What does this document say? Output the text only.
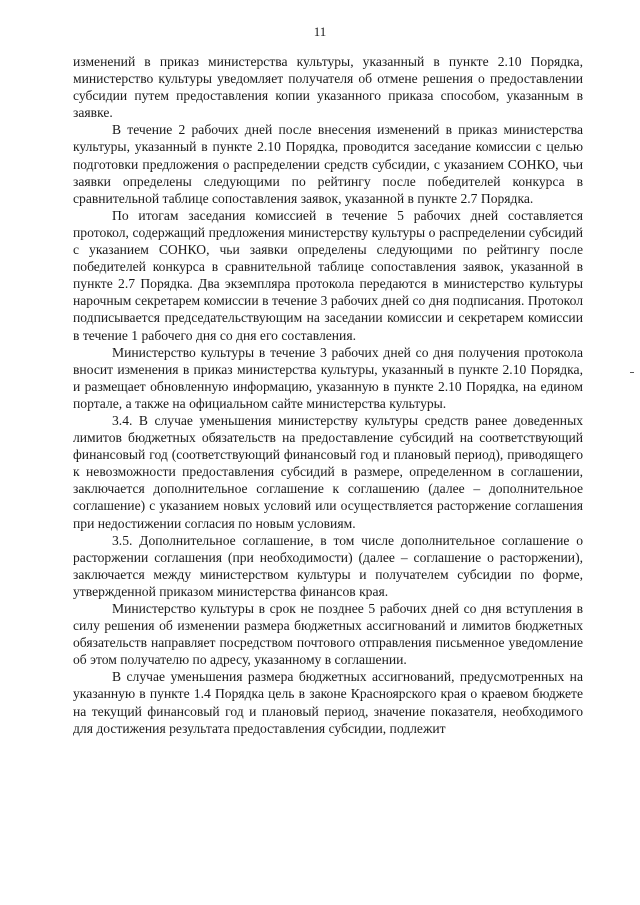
11

изменений в приказ министерства культуры, указанный в пункте 2.10 Порядка, министерство культуры уведомляет получателя об отмене решения о предоставлении субсидии путем предоставления копии указанного приказа способом, указанным в заявке.

В течение 2 рабочих дней после внесения изменений в приказ министерства культуры, указанный в пункте 2.10 Порядка, проводится заседание комиссии с целью подготовки предложения о распределении средств субсидии, с указанием СОНКО, чьи заявки определены следующими по рейтингу после победителей конкурса в сравнительной таблице сопоставления заявок, указанной в пункте 2.7 Порядка.

По итогам заседания комиссией в течение 5 рабочих дней составляется протокол, содержащий предложения министерству культуры о распределении субсидий с указанием СОНКО, чьи заявки определены следующими по рейтингу после победителей конкурса в сравнительной таблице сопоставления заявок, указанной в пункте 2.7 Порядка. Два экземпляра протокола передаются в министерство культуры нарочным секретарем комиссии в течение 3 рабочих дней со дня подписания. Протокол подписывается председательствующим на заседании комиссии и секретарем комиссии в течение 1 рабочего дня со дня его составления.

Министерство культуры в течение 3 рабочих дней со дня получения протокола вносит изменения в приказ министерства культуры, указанный в пункте 2.10 Порядка, и размещает обновленную информацию, указанную в пункте 2.10 Порядка, на едином портале, а также на официальном сайте министерства культуры.

3.4. В случае уменьшения министерству культуры средств ранее доведенных лимитов бюджетных обязательств на предоставление субсидий на соответствующий финансовый год (соответствующий финансовый год и плановый период), приводящего к невозможности предоставления субсидий в размере, определенном в соглашении, заключается дополнительное соглашение к соглашению (далее – дополнительное соглашение) с указанием новых условий или осуществляется расторжение соглашения при недостижении согласия по новым условиям.

3.5. Дополнительное соглашение, в том числе дополнительное соглашение о расторжении соглашения (при необходимости) (далее – соглашение о расторжении), заключается между министерством культуры и получателем субсидии по форме, утвержденной приказом министерства финансов края.

Министерство культуры в срок не позднее 5 рабочих дней со дня вступления в силу решения об изменении размера бюджетных ассигнований и лимитов бюджетных обязательств направляет посредством почтового отправления письменное уведомление об этом получателю по адресу, указанному в соглашении.

В случае уменьшения размера бюджетных ассигнований, предусмотренных на указанную в пункте 1.4 Порядка цель в законе Красноярского края о краевом бюджете на текущий финансовый год и плановый период, значение показателя, необходимого для достижения результата предоставления субсидии, подлежит
